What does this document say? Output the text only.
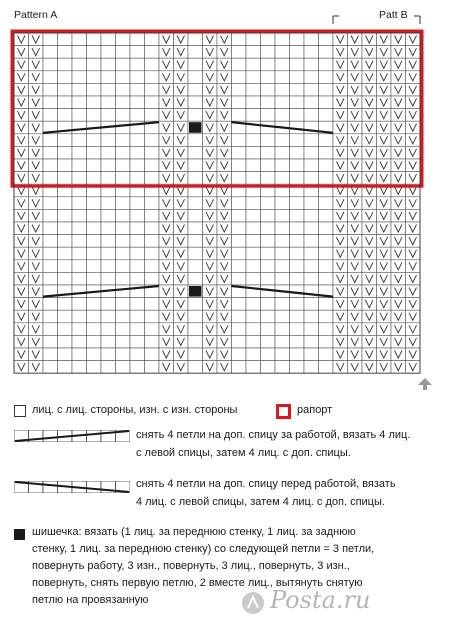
Pattern A	Patt B
лиц. с лиц. стороны, изн. с изн. стороны	рапорт
снять 4 петли на доп. спицу за работой, вязать 4 лиц.
с левой спицы, затем 4 лиц. с доп. спицы.
снять 4 петли на доп. спицу перед работой, вязать
4 лиц. с левой спицы, затем 4 лиц. с доп. спицы.
шишечка: вязать (1 лиц. за переднюю стенку, 1 лиц. за заднюю
стенку, 1 лиц. за переднюю стенку) со следующей петли = 3 петли,
повернуть работу, 3 изн., повернуть, 3 лиц., повернуть, 3 изн.,
повернуть, снять первую петлю, 2 вместе лиц., вытянуть снятую
петлю на провязанную	Posta.ru
